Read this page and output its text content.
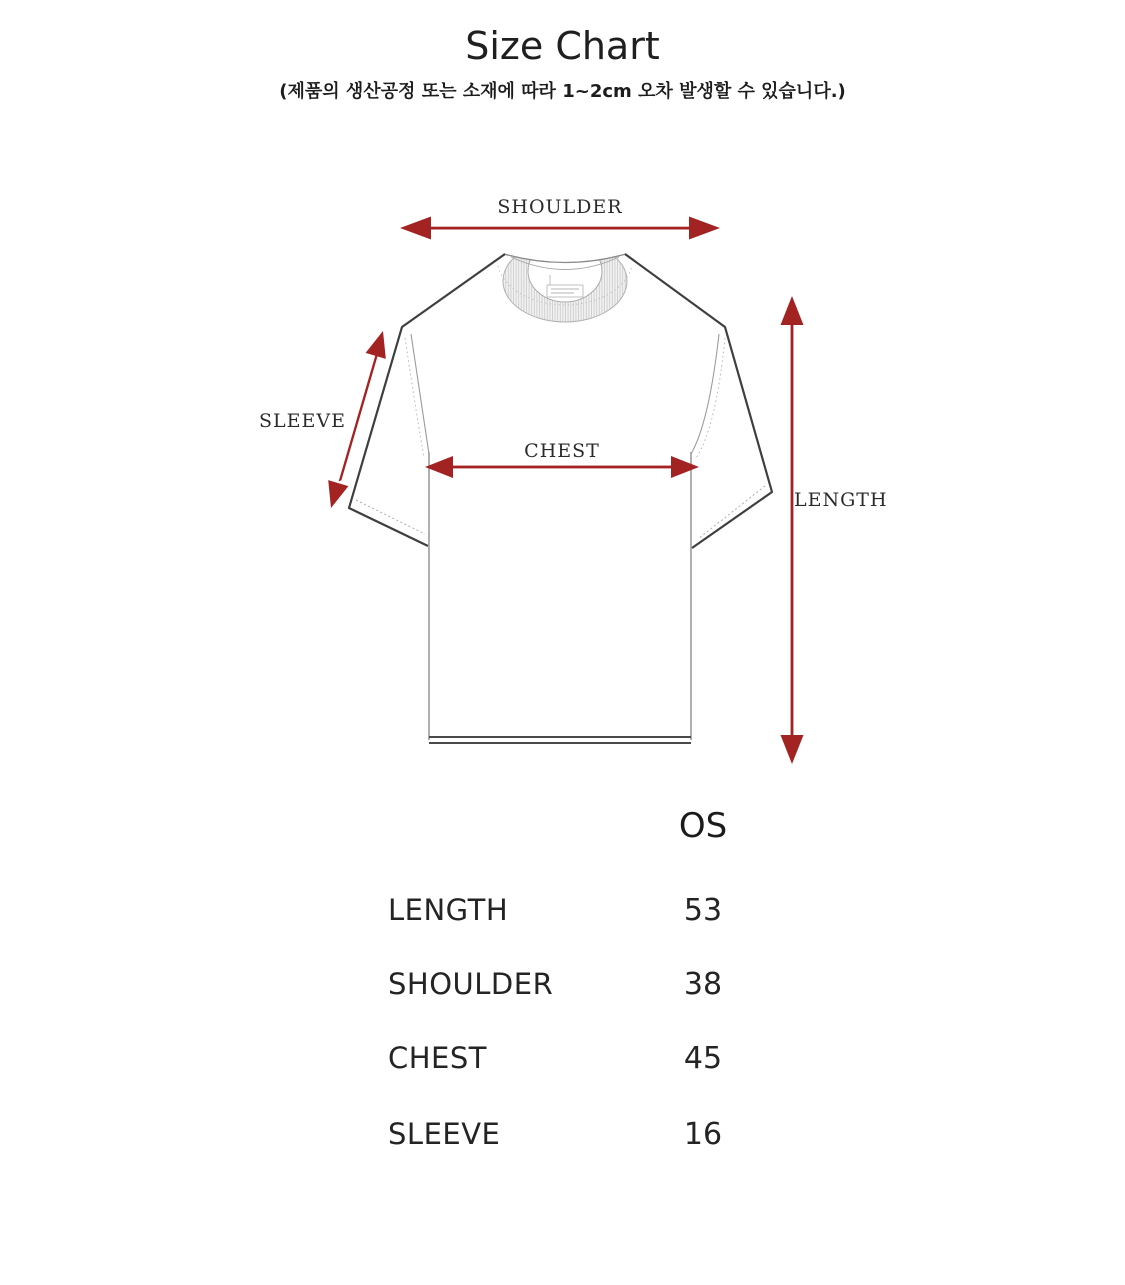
Size Chart
(제품의 생산공정 또는 소재에 따라 1~2cm 오차 발생할 수 있습니다.)
SHOULDER
SLEEVE
CHEST
LENGTH
OS
LENGTH	53
SHOULDER	38
CHEST	45
SLEEVE	16
